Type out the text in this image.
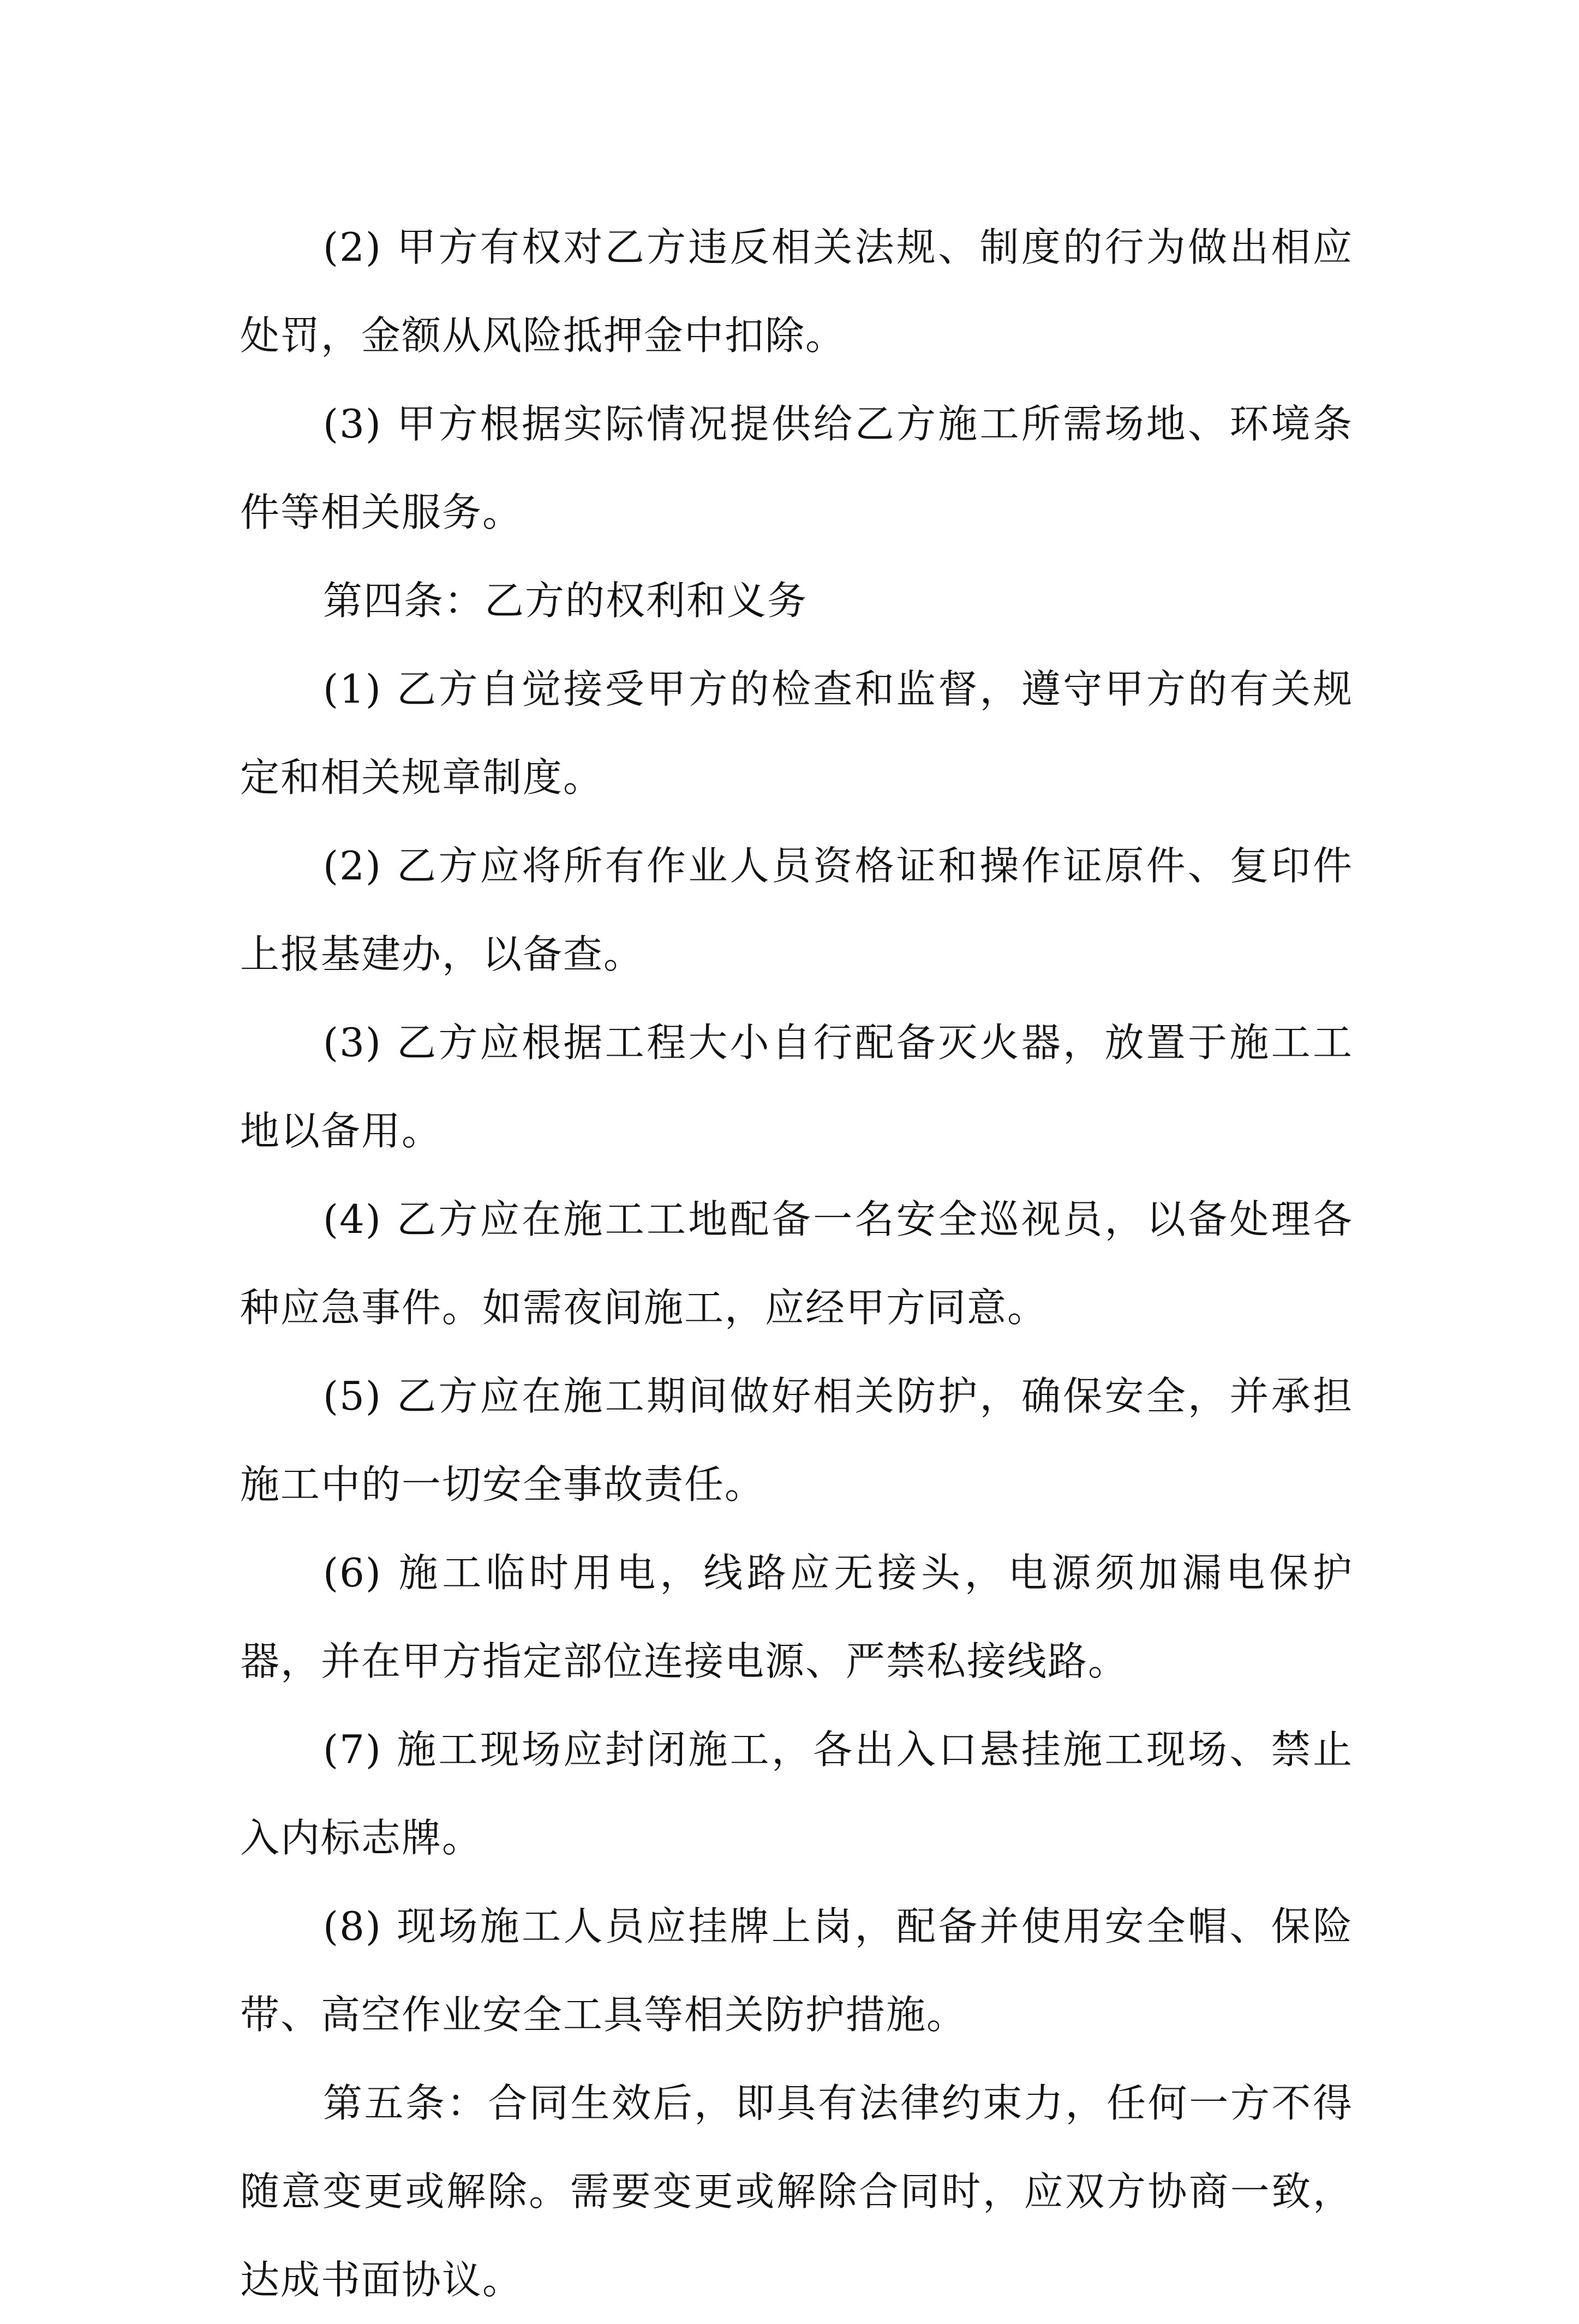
(2) 甲方有权对乙方违反相关法规、制度的行为做出相应处罚，金额从风险抵押金中扣除。

(3) 甲方根据实际情况提供给乙方施工所需场地、环境条件等相关服务。

第四条：乙方的权利和义务

(1) 乙方自觉接受甲方的检查和监督，遵守甲方的有关规定和相关规章制度。

(2) 乙方应将所有作业人员资格证和操作证原件、复印件上报基建办，以备查。

(3) 乙方应根据工程大小自行配备灭火器，放置于施工工地以备用。

(4) 乙方应在施工工地配备一名安全巡视员，以备处理各种应急事件。如需夜间施工，应经甲方同意。

(5) 乙方应在施工期间做好相关防护，确保安全，并承担施工中的一切安全事故责任。

(6) 施工临时用电，线路应无接头，电源须加漏电保护器，并在甲方指定部位连接电源、严禁私接线路。

(7) 施工现场应封闭施工，各出入口悬挂施工现场、禁止入内标志牌。

(8) 现场施工人员应挂牌上岗，配备并使用安全帽、保险带、高空作业安全工具等相关防护措施。

第五条：合同生效后，即具有法律约束力，任何一方不得随意变更或解除。需要变更或解除合同时，应双方协商一致，达成书面协议。
